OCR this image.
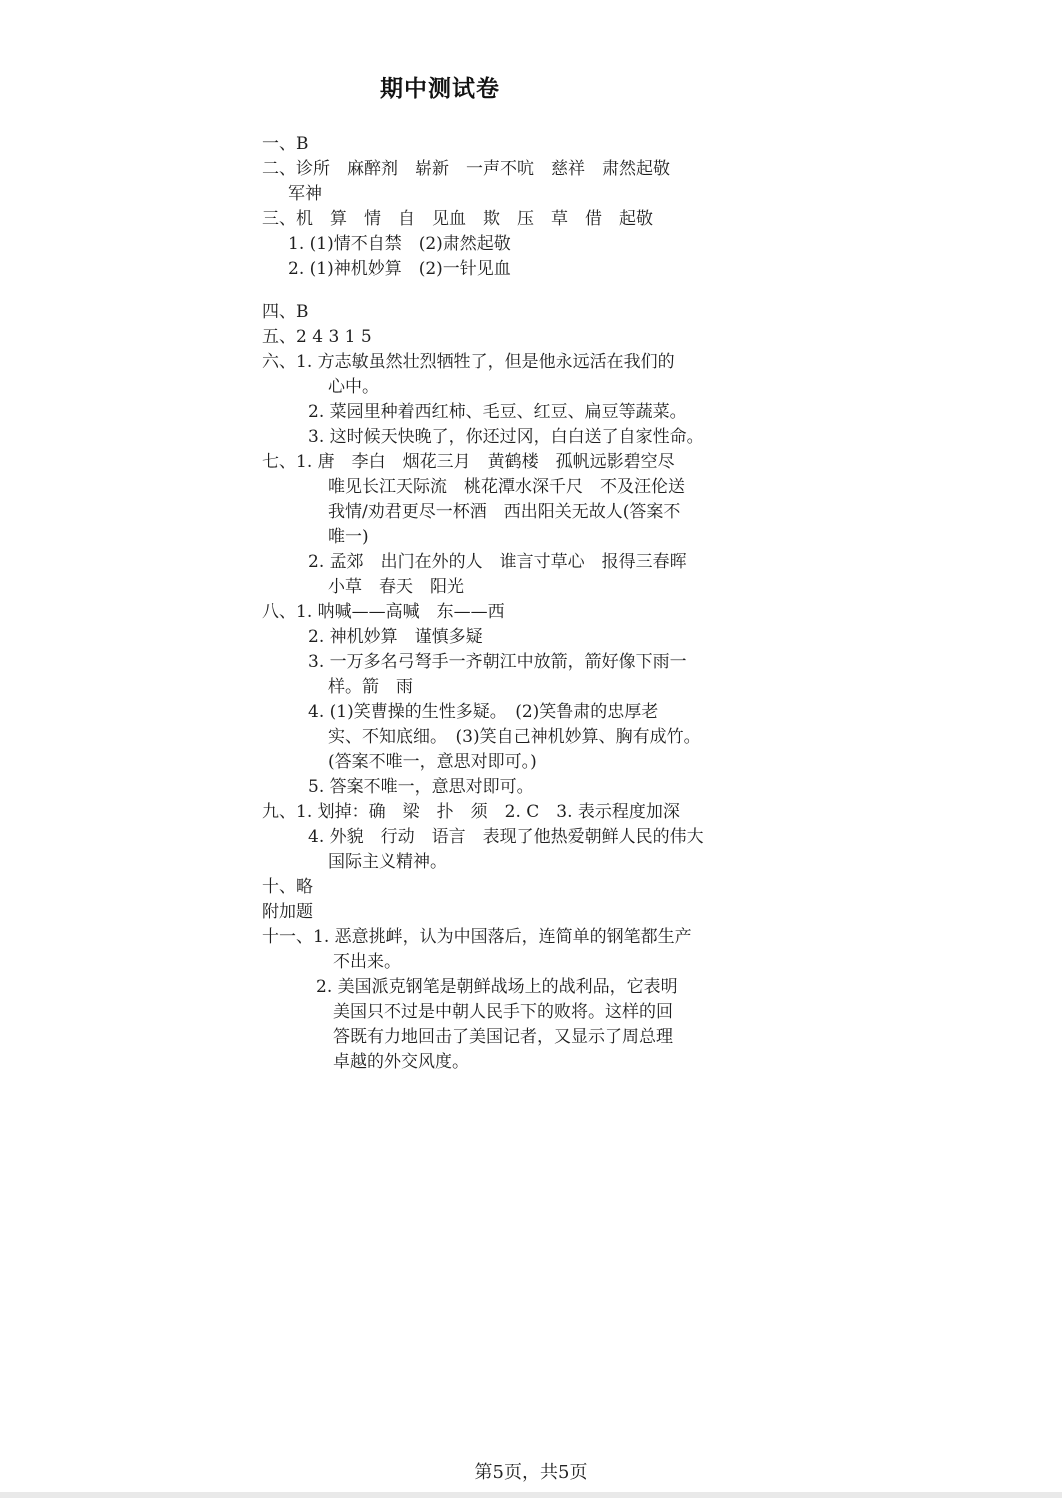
期中测试卷
一、B
二、诊所　麻醉剂　崭新　一声不吭　慈祥　肃然起敬
军神
三、机　算　情　自　见血　欺　压　草　借　起敬
1. (1)情不自禁　(2)肃然起敬
2. (1)神机妙算　(2)一针见血
四、B
五、2 4 3 1 5
六、1. 方志敏虽然壮烈牺牲了，但是他永远活在我们的
心中。
2. 菜园里种着西红柿、毛豆、红豆、扁豆等蔬菜。
3. 这时候天快晚了，你还过冈，白白送了自家性命。
七、1. 唐　李白　烟花三月　黄鹤楼　孤帆远影碧空尽
唯见长江天际流　桃花潭水深千尺　不及汪伦送
我情/劝君更尽一杯酒　西出阳关无故人(答案不
唯一)
2. 孟郊　出门在外的人　谁言寸草心　报得三春晖
小草　春天　阳光
八、1. 呐喊——高喊　东——西
2. 神机妙算　谨慎多疑
3. 一万多名弓弩手一齐朝江中放箭，箭好像下雨一
样。箭　雨
4. (1)笑曹操的生性多疑。　(2)笑鲁肃的忠厚老
实、不知底细。　(3)笑自己神机妙算、胸有成竹。
(答案不唯一，意思对即可。)
5. 答案不唯一，意思对即可。
九、1. 划掉：确　梁　扑　须　2. C　3. 表示程度加深
4. 外貌　行动　语言　表现了他热爱朝鲜人民的伟大
国际主义精神。
十、略
附加题
十一、1. 恶意挑衅，认为中国落后，连简单的钢笔都生产
不出来。
2. 美国派克钢笔是朝鲜战场上的战利品，它表明
美国只不过是中朝人民手下的败将。这样的回
答既有力地回击了美国记者，又显示了周总理
卓越的外交风度。
第5页，共5页
